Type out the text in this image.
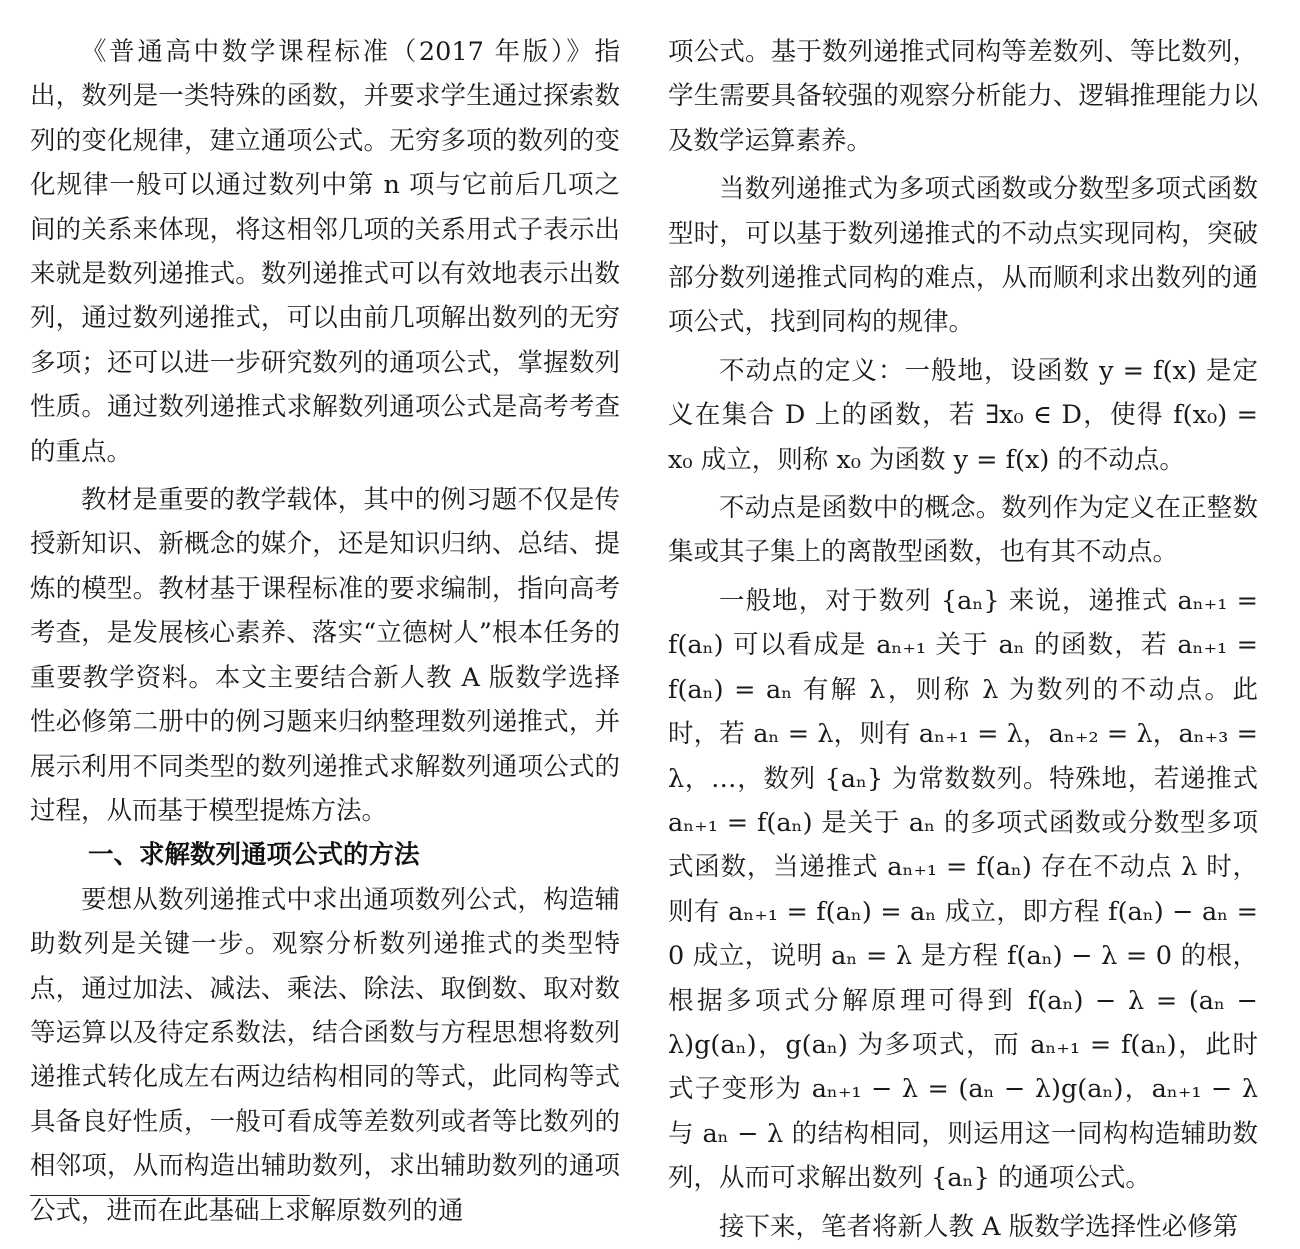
《普通高中数学课程标准（2017 年版）》指出，数列是一类特殊的函数，并要求学生通过探索数列的变化规律，建立通项公式。无穷多项的数列的变化规律一般可以通过数列中第 n 项与它前后几项之间的关系来体现，将这相邻几项的关系用式子表示出来就是数列递推式。数列递推式可以有效地表示出数列，通过数列递推式，可以由前几项解出数列的无穷多项；还可以进一步研究数列的通项公式，掌握数列性质。通过数列递推式求解数列通项公式是高考考查的重点。

教材是重要的教学载体，其中的例习题不仅是传授新知识、新概念的媒介，还是知识归纳、总结、提炼的模型。教材基于课程标准的要求编制，指向高考考查，是发展核心素养、落实“立德树人”根本任务的重要教学资料。本文主要结合新人教 A 版数学选择性必修第二册中的例习题来归纳整理数列递推式，并展示利用不同类型的数列递推式求解数列通项公式的过程，从而基于模型提炼方法。

一、求解数列通项公式的方法

要想从数列递推式中求出通项数列公式，构造辅助数列是关键一步。观察分析数列递推式的类型特点，通过加法、减法、乘法、除法、取倒数、取对数等运算以及待定系数法，结合函数与方程思想将数列递推式转化成左右两边结构相同的等式，此同构等式具备良好性质，一般可看成等差数列或者等比数列的相邻项，从而构造出辅助数列，求出辅助数列的通项公式，进而在此基础上求解原数列的通

项公式。基于数列递推式同构等差数列、等比数列，学生需要具备较强的观察分析能力、逻辑推理能力以及数学运算素养。

当数列递推式为多项式函数或分数型多项式函数型时，可以基于数列递推式的不动点实现同构，突破部分数列递推式同构的难点，从而顺利求出数列的通项公式，找到同构的规律。

不动点的定义：一般地，设函数 y = f(x) 是定义在集合 D 上的函数，若 ∃x₀ ∈ D，使得 f(x₀) = x₀ 成立，则称 x₀ 为函数 y = f(x) 的不动点。

不动点是函数中的概念。数列作为定义在正整数集或其子集上的离散型函数，也有其不动点。

一般地，对于数列 {aₙ} 来说，递推式 aₙ₊₁ = f(aₙ) 可以看成是 aₙ₊₁ 关于 aₙ 的函数，若 aₙ₊₁ = f(aₙ) = aₙ 有解 λ，则称 λ 为数列的不动点。此时，若 aₙ = λ，则有 aₙ₊₁ = λ，aₙ₊₂ = λ，aₙ₊₃ = λ，…，数列 {aₙ} 为常数数列。特殊地，若递推式 aₙ₊₁ = f(aₙ) 是关于 aₙ 的多项式函数或分数型多项式函数，当递推式 aₙ₊₁ = f(aₙ) 存在不动点 λ 时，则有 aₙ₊₁ = f(aₙ) = aₙ 成立，即方程 f(aₙ) − aₙ = 0 成立，说明 aₙ = λ 是方程 f(aₙ) − λ = 0 的根，根据多项式分解原理可得到 f(aₙ) − λ = (aₙ − λ)g(aₙ)，g(aₙ) 为多项式，而 aₙ₊₁ = f(aₙ)，此时式子变形为 aₙ₊₁ − λ = (aₙ − λ)g(aₙ)，aₙ₊₁ − λ 与 aₙ − λ 的结构相同，则运用这一同构构造辅助数列，从而可求解出数列 {aₙ} 的通项公式。

接下来，笔者将新人教 A 版数学选择性必修第
